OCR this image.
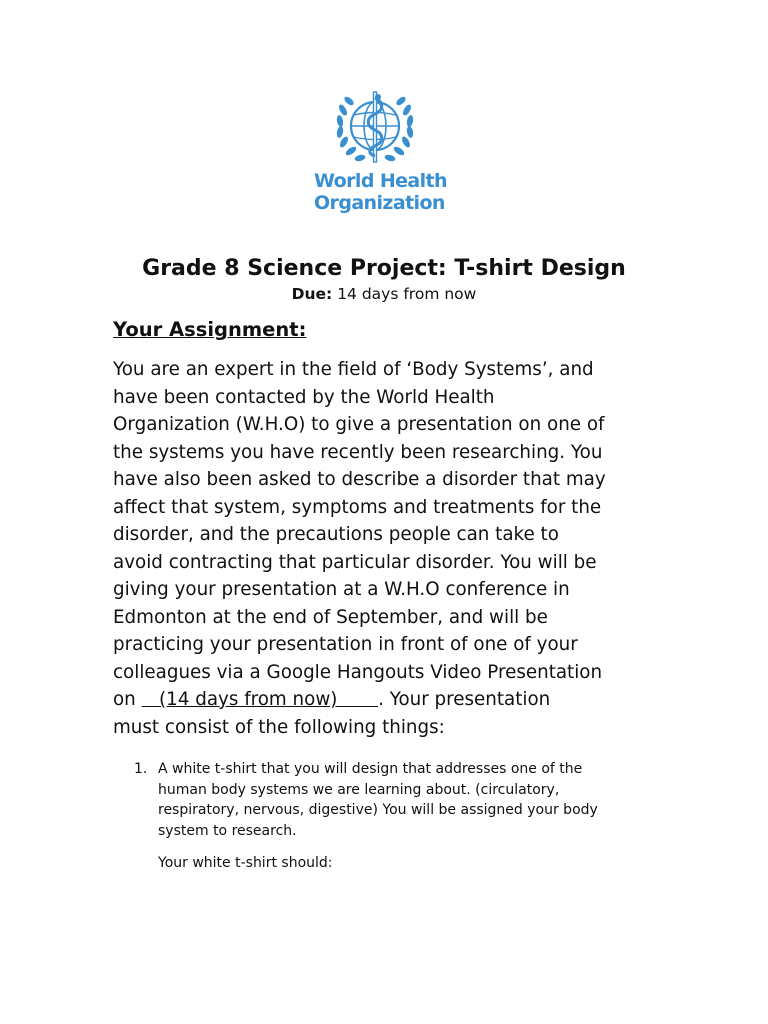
World Health
Organization
Grade 8 Science Project: T-shirt Design
Due: 14 days from now
Your Assignment:
You are an expert in the field of ‘Body Systems’, and
have been contacted by the World Health
Organization (W.H.O) to give a presentation on one of
the systems you have recently been researching. You
have also been asked to describe a disorder that may
affect that system, symptoms and treatments for the
disorder, and the precautions people can take to
avoid contracting that particular disorder. You will be
giving your presentation at a W.H.O conference in
Edmonton at the end of September, and will be
practicing your presentation in front of one of your
colleagues via a Google Hangouts Video Presentation
on    (14 days from now)       . Your presentation
must consist of the following things:
1. A white t-shirt that you will design that addresses one of the
human body systems we are learning about. (circulatory,
respiratory, nervous, digestive) You will be assigned your body
system to research.
Your white t-shirt should:
